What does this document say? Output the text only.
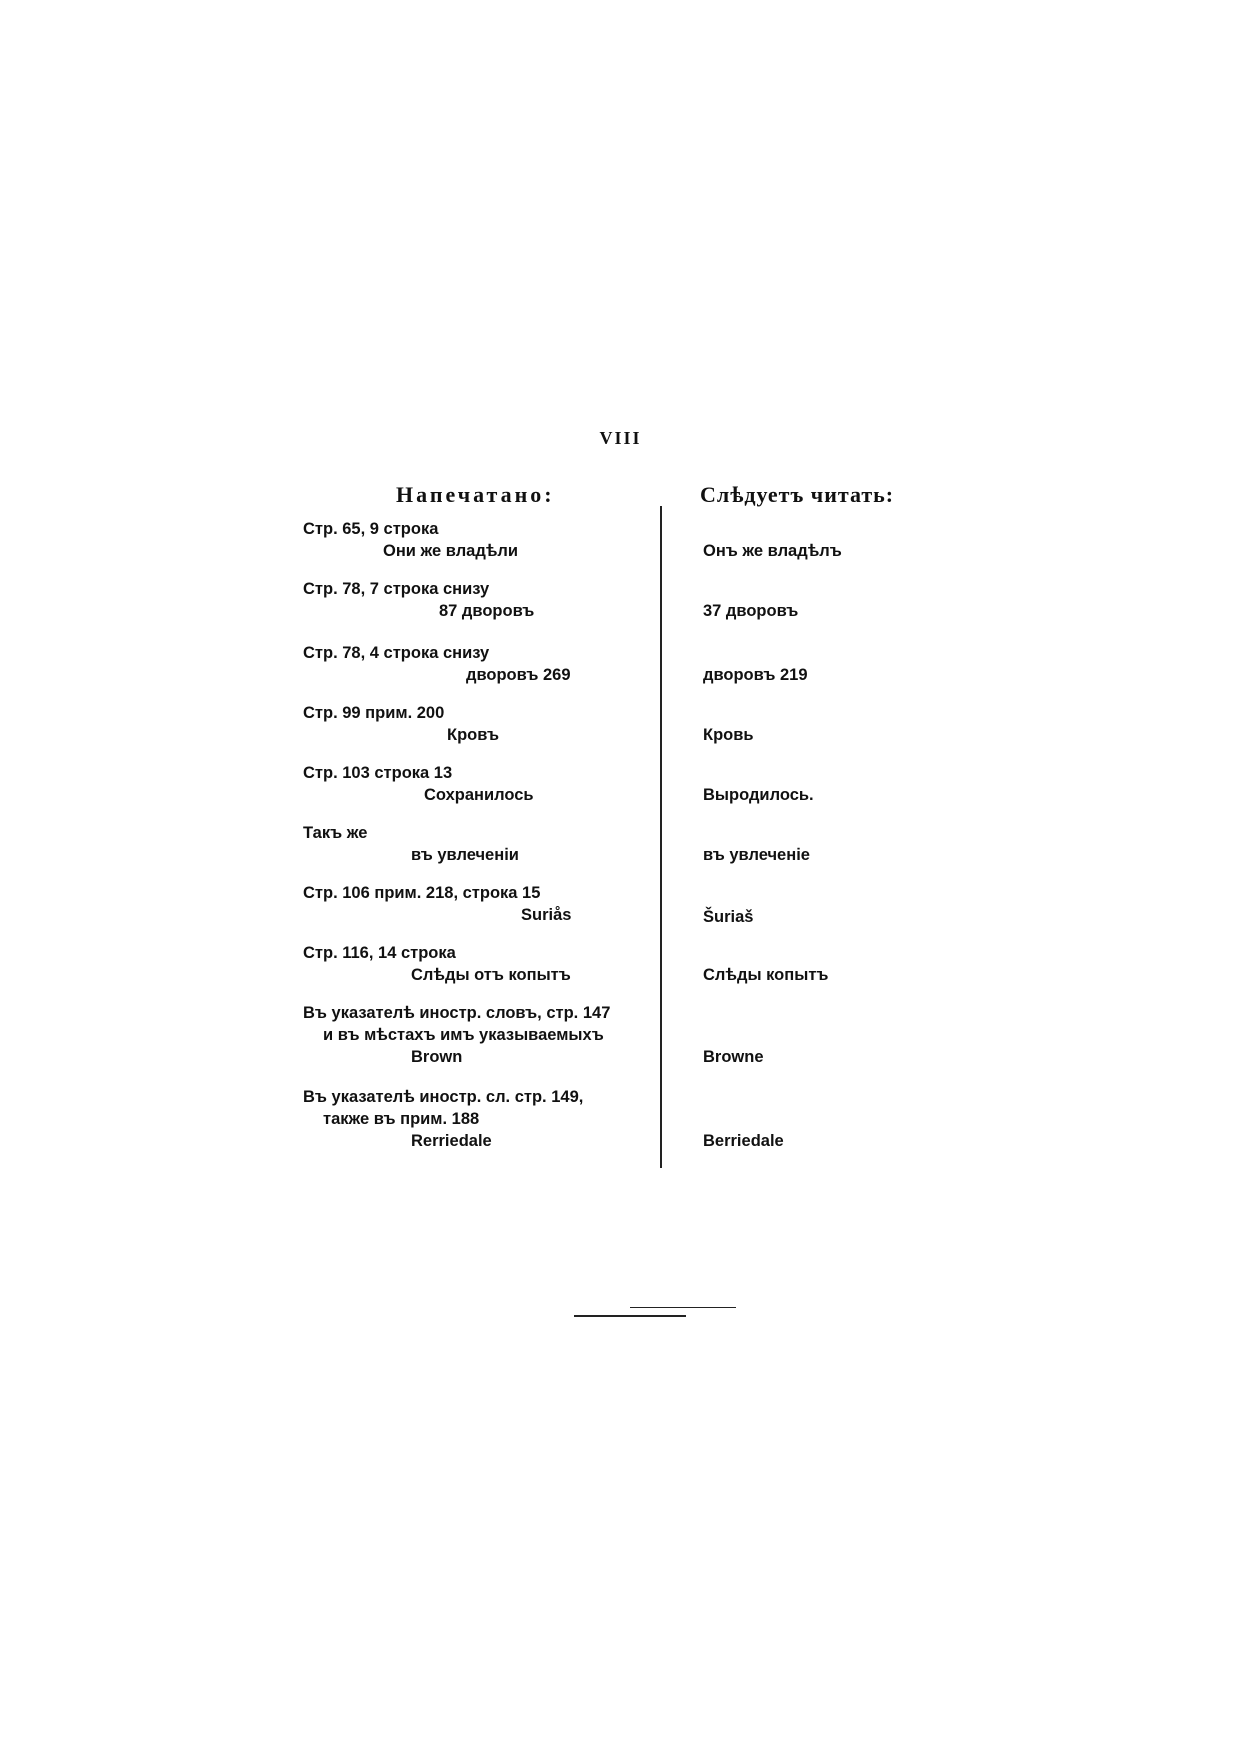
VIII
Напечатано:	Слѣдуетъ читать:
Стр. 65, 9 строка
Они же владѣли	Онъ же владѣлъ
Стр. 78, 7 строка снизу
87 дворовъ	37 дворовъ
Стр. 78, 4 строка снизу
дворовъ 269	дворовъ 219
Стр. 99 прим. 200
Кровъ	Кровь
Стр. 103 строка 13
Сохранилось	Выродилось.
Такъ же
въ увлеченіи	въ увлеченіе
Стр. 106 прим. 218, строка 15
Suriås	Šuriaš
Стр. 116, 14 строка
Слѣды отъ копытъ	Слѣды копытъ
Въ указателѣ иностр. словъ, стр. 147
и въ мѣстахъ имъ указываемыхъ
Brown	Browne
Въ указателѣ иностр. сл. стр. 149,
также въ прим. 188
Rerriedale	Berriedale
